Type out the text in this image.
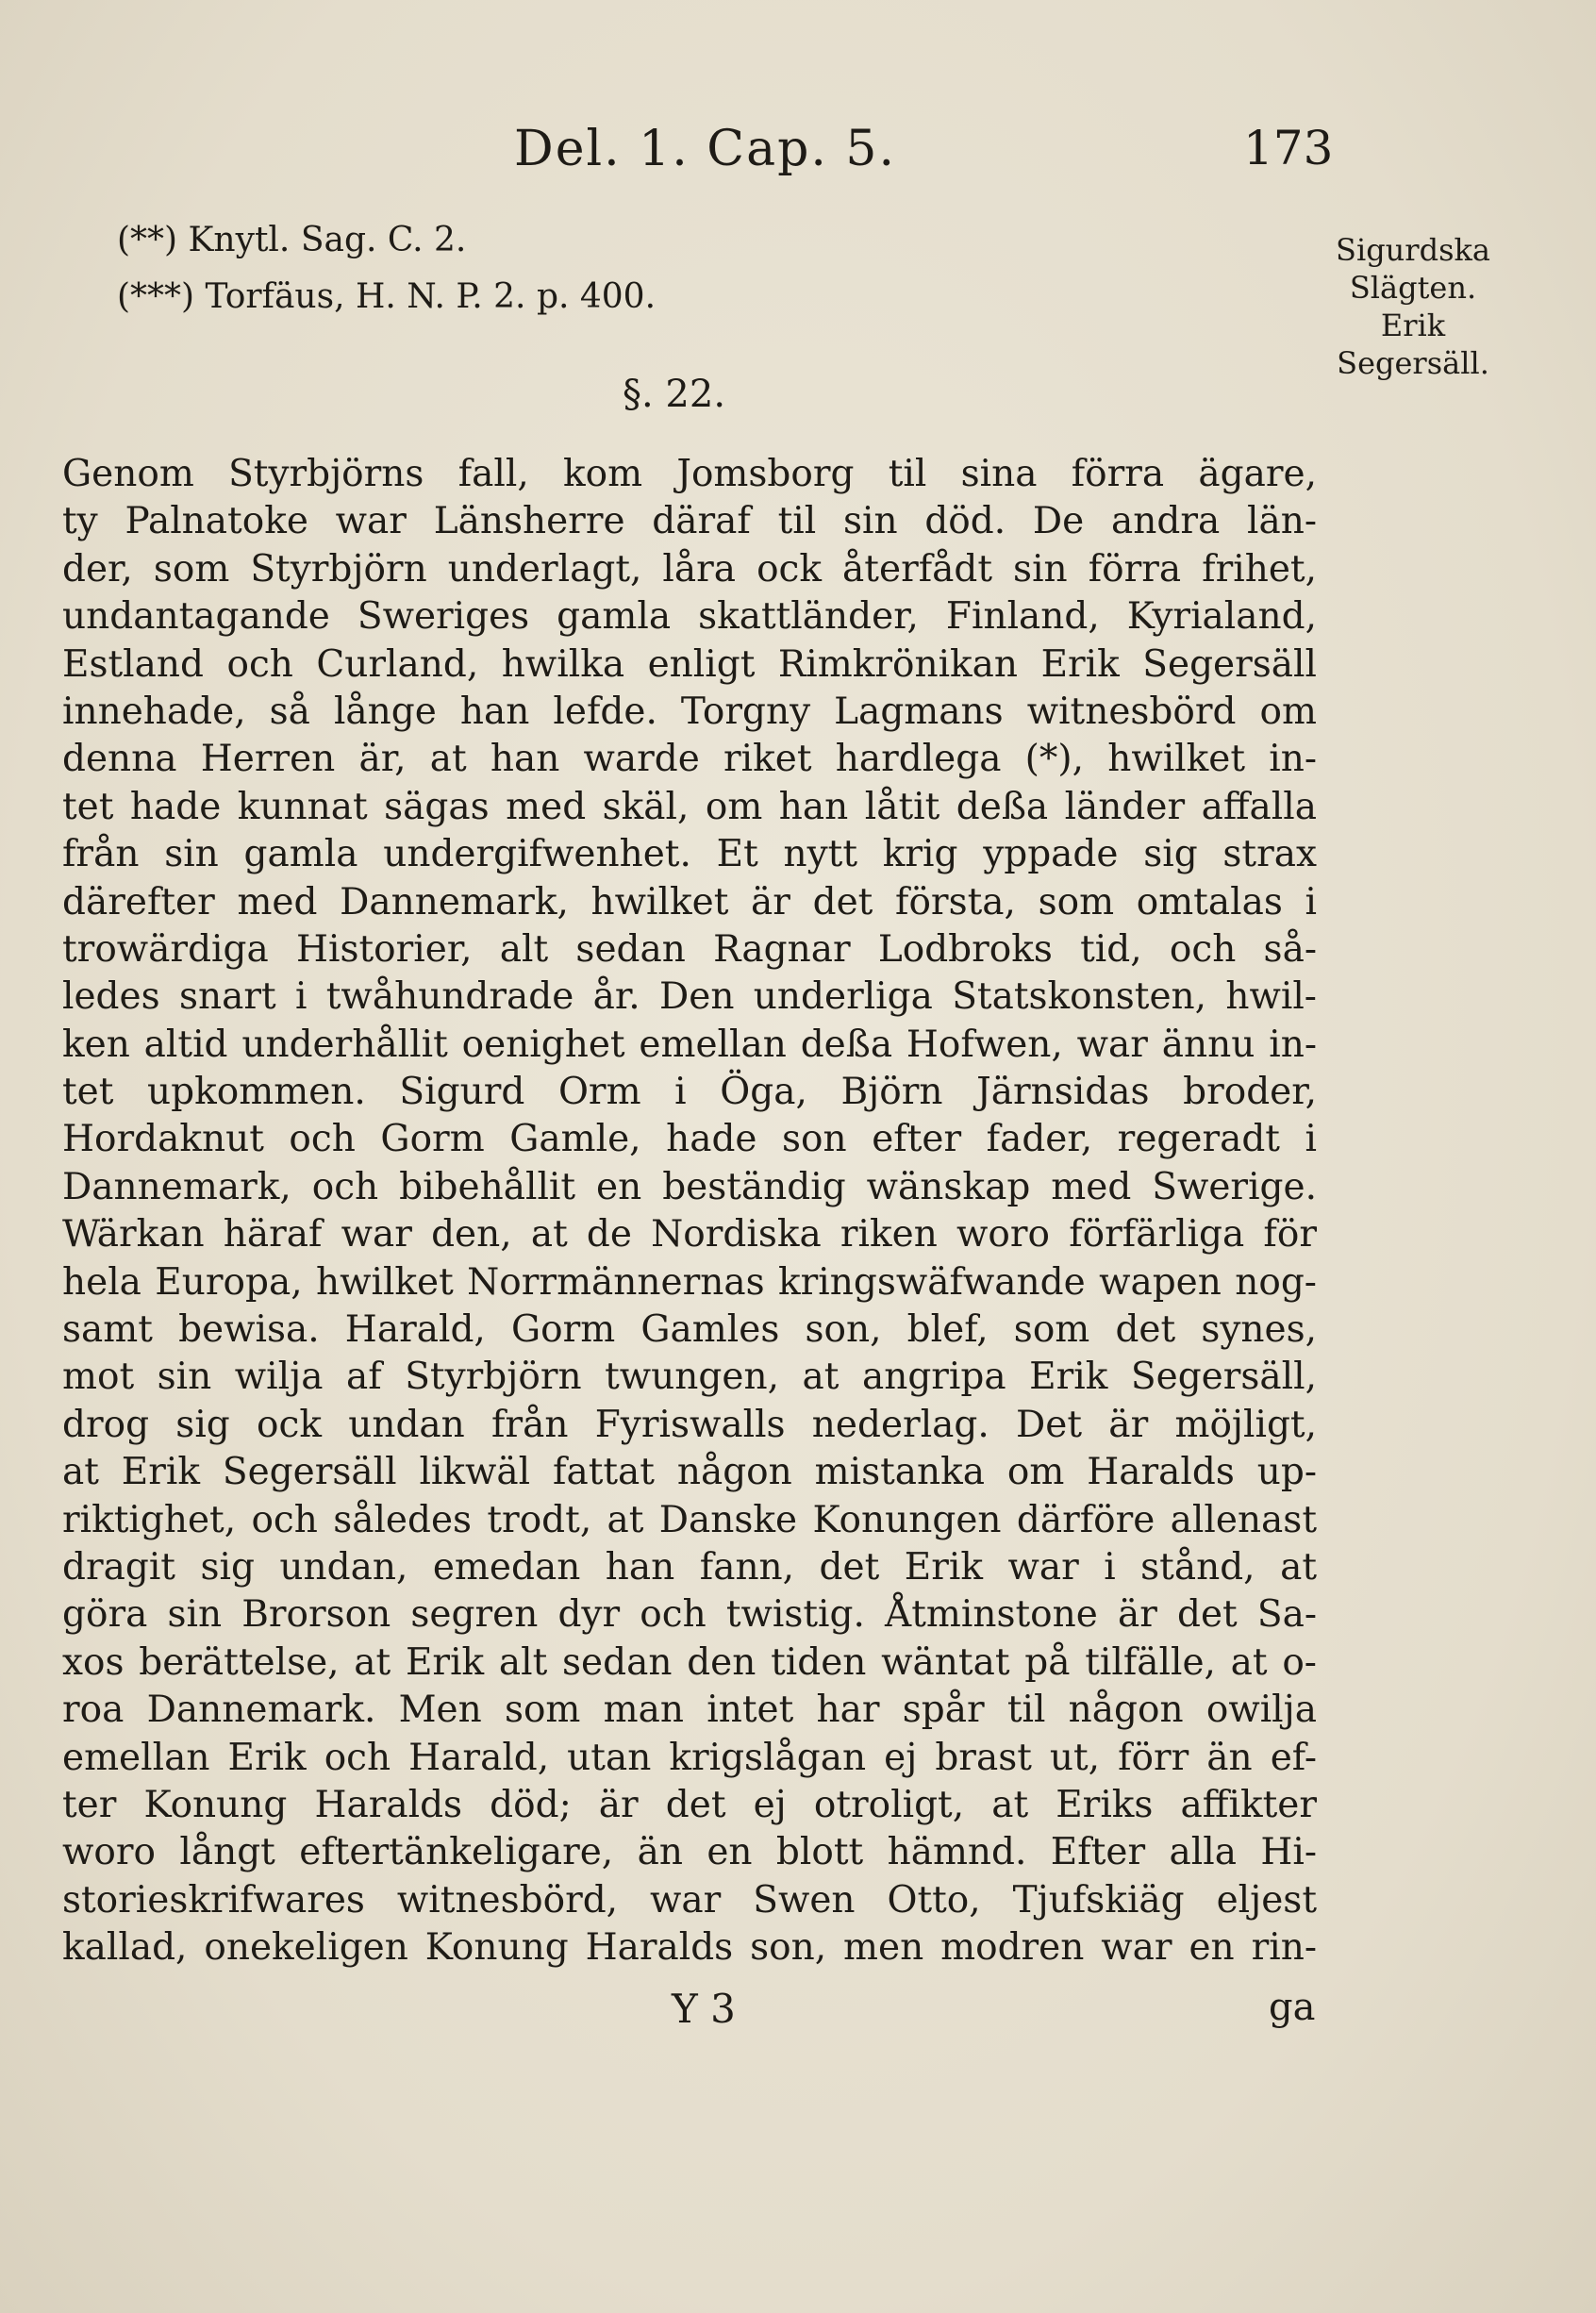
Del. 1. Cap. 5.	173
(**) Knytl. Sag. C. 2.
(***) Torfäus, H. N. P. 2. p. 400.
Sigurdska
Slägten.
Erik
Segersäll.
§. 22.
Genom Styrbjörns fall, kom Jomsborg til sina förra ägare,
ty Palnatoke war Länsherre däraf til sin död. De andra län-
der, som Styrbjörn underlagt, låra ock återfådt sin förra frihet,
undantagande Sweriges gamla skattländer, Finland, Kyrialand,
Estland och Curland, hwilka enligt Rimkrönikan Erik Segersäll
innehade, så långe han lefde. Torgny Lagmans witnesbörd om
denna Herren är, at han warde riket hardlega (*), hwilket in-
tet hade kunnat sägas med skäl, om han låtit deßa länder affalla
från sin gamla undergifwenhet. Et nytt krig yppade sig strax
därefter med Dannemark, hwilket är det första, som omtalas i
trowärdiga Historier, alt sedan Ragnar Lodbroks tid, och så-
ledes snart i twåhundrade år. Den underliga Statskonsten, hwil-
ken altid underhållit oenighet emellan deßa Hofwen, war ännu in-
tet upkommen. Sigurd Orm i Öga, Björn Järnsidas broder,
Hordaknut och Gorm Gamle, hade son efter fader, regeradt i
Dannemark, och bibehållit en beständig wänskap med Swerige.
Wärkan häraf war den, at de Nordiska riken woro förfärliga för
hela Europa, hwilket Norrmännernas kringswäfwande wapen nog-
samt bewisa. Harald, Gorm Gamles son, blef, som det synes,
mot sin wilja af Styrbjörn twungen, at angripa Erik Segersäll,
drog sig ock undan från Fyriswalls nederlag. Det är möjligt,
at Erik Segersäll likwäl fattat någon mistanka om Haralds up-
riktighet, och således trodt, at Danske Konungen därföre allenast
dragit sig undan, emedan han fann, det Erik war i stånd, at
göra sin Brorson segren dyr och twistig. Åtminstone är det Sa-
xos berättelse, at Erik alt sedan den tiden wäntat på tilfälle, at o-
roa Dannemark. Men som man intet har spår til någon owilja
emellan Erik och Harald, utan krigslågan ej brast ut, förr än ef-
ter Konung Haralds död; är det ej otroligt, at Eriks affikter
woro långt eftertänkeligare, än en blott hämnd. Efter alla Hi-
storieskrifwares witnesbörd, war Swen Otto, Tjufskiäg eljest
kallad, onekeligen Konung Haralds son, men modren war en rin-
Y 3	ga
